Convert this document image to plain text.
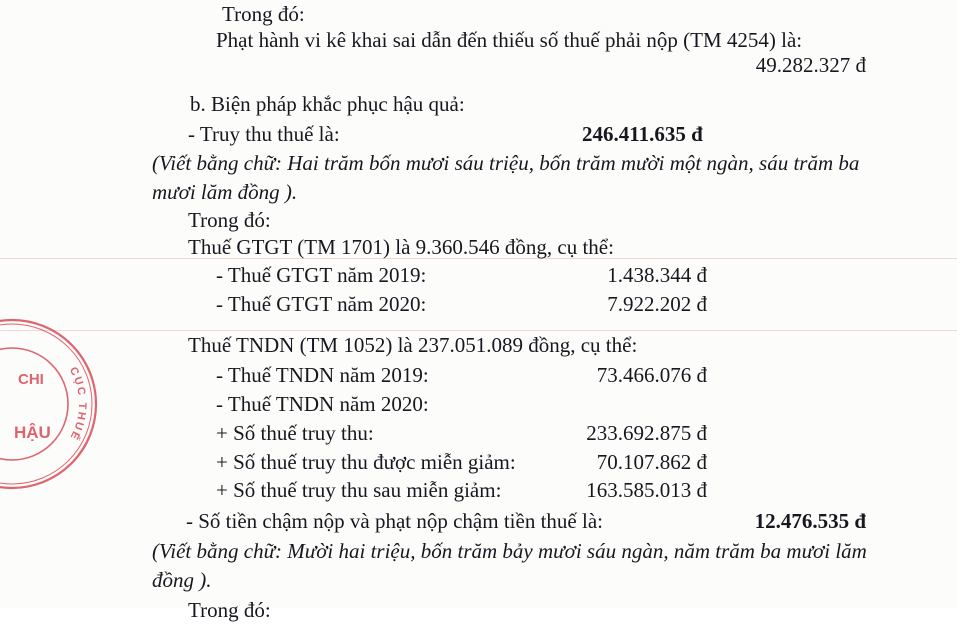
CỤC THUẾ
CHI
HẬU
Trong đó:
Phạt hành vi kê khai sai dẫn đến thiếu số thuế phải nộp (TM 4254) là:
49.282.327 đ
b. Biện pháp khắc phục hậu quả:
- Truy thu thuế là:	246.411.635 đ
(Viết bằng chữ: Hai trăm bốn mươi sáu triệu, bốn trăm mười một ngàn, sáu trăm ba
mươi lăm đồng ).
Trong đó:
Thuế GTGT (TM 1701) là 9.360.546 đồng, cụ thể:
- Thuế GTGT năm 2019:	1.438.344 đ
- Thuế GTGT năm 2020:	7.922.202 đ
Thuế TNDN (TM 1052) là 237.051.089 đồng, cụ thể:
- Thuế TNDN năm 2019:	73.466.076 đ
- Thuế TNDN năm 2020:
+ Số thuế truy thu:	233.692.875 đ
+ Số thuế truy thu được miễn giảm:	70.107.862 đ
+ Số thuế truy thu sau miễn giảm:	163.585.013 đ
- Số tiền chậm nộp và phạt nộp chậm tiền thuế là:	12.476.535 đ
(Viết bằng chữ: Mười hai triệu, bốn trăm bảy mươi sáu ngàn, năm trăm ba mươi lăm
đồng ).
Trong đó:
